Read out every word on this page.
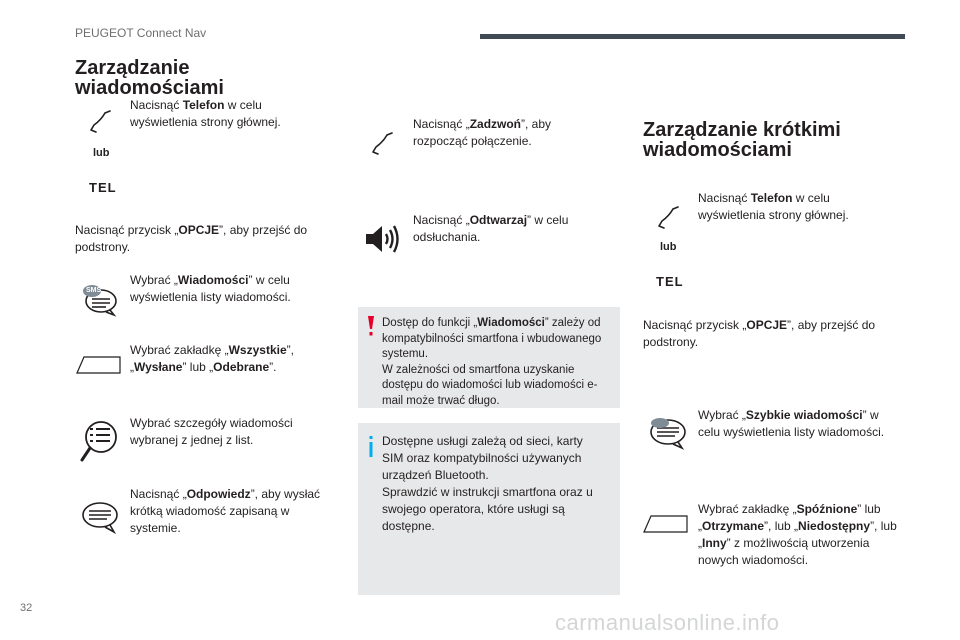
PEUGEOT Connect Nav
Zarządzanie wiadomościami
Nacisnąć Telefon w celu wyświetlenia strony głównej.
lub
TEL
Nacisnąć przycisk „OPCJE”, aby przejść do podstrony.
SMS
Wybrać „Wiadomości” w celu wyświetlenia listy wiadomości.
Wybrać zakładkę „Wszystkie”, „Wysłane” lub „Odebrane”.
Wybrać szczegóły wiadomości wybranej z jednej z list.
Nacisnąć „Odpowiedz”, aby wysłać krótką wiadomość zapisaną w systemie.
Nacisnąć „Zadzwoń”, aby rozpocząć połączenie.
Nacisnąć „Odtwarzaj” w celu odsłuchania.
Dostęp do funkcji „Wiadomości” zależy od kompatybilności smartfona i wbudowanego systemu.
W zależności od smartfona uzyskanie dostępu do wiadomości lub wiadomości e-mail może trwać długo.
Dostępne usługi zależą od sieci, karty SIM oraz kompatybilności używanych urządzeń Bluetooth.
Sprawdzić w instrukcji smartfona oraz u swojego operatora, które usługi są dostępne.
Zarządzanie krótkimi wiadomościami
Nacisnąć Telefon w celu wyświetlenia strony głównej.
lub
TEL
Nacisnąć przycisk „OPCJE”, aby przejść do podstrony.
Wybrać „Szybkie wiadomości” w celu wyświetlenia listy wiadomości.
Wybrać zakładkę „Spóźnione” lub „Otrzymane”, lub „Niedostępny”, lub „Inny” z możliwością utworzenia nowych wiadomości.
32
carmanualsonline.info
